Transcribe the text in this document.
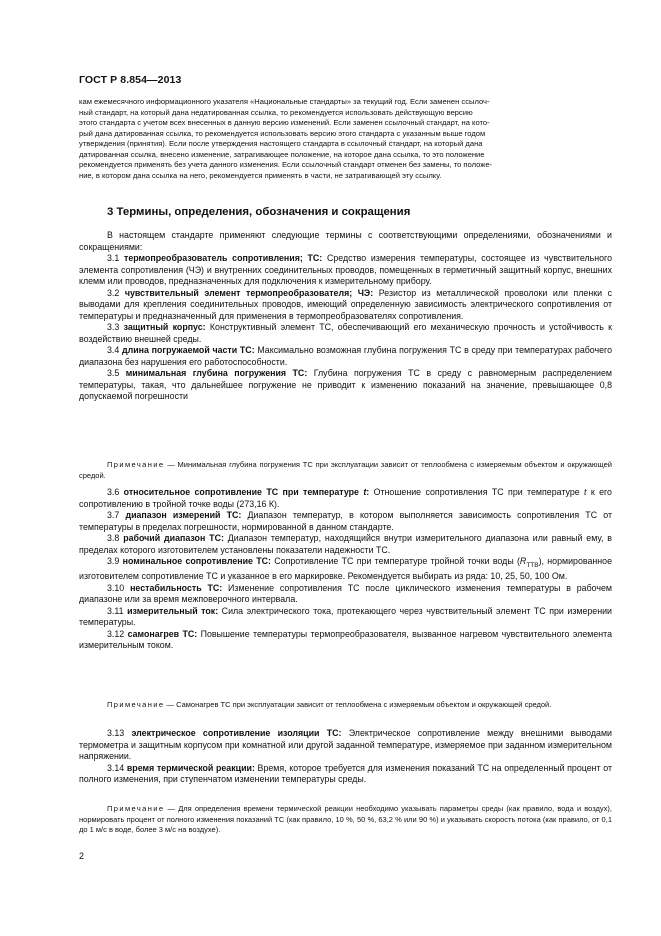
ГОСТ Р 8.854—2013

кам ежемесячного информационного указателя «Национальные стандарты» за текущий год. Если заменен ссылоч-

ный стандарт, на который дана недатированная ссылка, то рекомендуется использовать действующую версию

этого стандарта с учетом всех внесенных в данную версию изменений. Если заменен ссылочный стандарт, на кото-

рый дана датированная ссылка, то рекомендуется использовать версию этого стандарта с указанным выше годом

утверждения (принятия). Если после утверждения настоящего стандарта в ссылочный стандарт, на который дана

датированная ссылка, внесено изменение, затрагивающее положение, на которое дана ссылка, то это положение

рекомендуется применять без учета данного изменения. Если ссылочный стандарт отменен без замены, то положе-

ние, в котором дана ссылка на него, рекомендуется применять в части, не затрагивающей эту ссылку.

3 Термины, определения, обозначения и сокращения

В настоящем стандарте применяют следующие термины с соответствующими определениями, обозначениями и сокращениями:

3.1 термопреобразователь сопротивления; ТС: Средство измерения температуры, состоящее из чувствительного элемента сопротивления (ЧЭ) и внутренних соединительных проводов, помещенных в герметичный защитный корпус, внешних клемм или проводов, предназначенных для подключения к измерительному прибору.

3.2 чувствительный элемент термопреобразователя; ЧЭ: Резистор из металлической проволоки или пленки с выводами для крепления соединительных проводов, имеющий определенную зависимость электрического сопротивления от температуры и предназначенный для применения в термопреобразователях сопротивления.

3.3 защитный корпус: Конструктивный элемент ТС, обеспечивающий его механическую прочность и устойчивость к воздействию внешней среды.

3.4 длина погружаемой части ТС: Максимально возможная глубина погружения ТС в среду при температурах рабочего диапазона без нарушения его работоспособности.

3.5 минимальная глубина погружения ТС: Глубина погружения ТС в среду с равномерным распределением температуры, такая, что дальнейшее погружение не приводит к изменению показаний на значение, превышающее 0,8 допускаемой погрешности

Примечание — Минимальная глубина погружения ТС при эксплуатации зависит от теплообмена с измеряемым объектом и окружающей средой.

3.6 относительное сопротивление ТС при температуре t: Отношение сопротивления ТС при температуре t к его сопротивлению в тройной точке воды (273,16 К).

3.7 диапазон измерений ТС: Диапазон температур, в котором выполняется зависимость сопротивления ТС от температуры в пределах погрешности, нормированной в данном стандарте.

3.8 рабочий диапазон ТС: Диапазон температур, находящийся внутри измерительного диапазона или равный ему, в пределах которого изготовителем установлены показатели надежности ТС.

3.9 номинальное сопротивление ТС: Сопротивление ТС при температуре тройной точки воды $(R_{TTB})$, нормированное изготовителем сопротивление ТС и указанное в его маркировке. Рекомендуется выбирать из ряда: 10, 25, 50, 100 Ом.

3.10 нестабильность ТС: Изменение сопротивления ТС после циклического изменения температуры в рабочем диапазоне или за время межповерочного интервала.

3.11 измерительный ток: Сила электрического тока, протекающего через чувствительный элемент ТС при измерении температуры.

3.12 самонагрев ТС: Повышение температуры термопреобразователя, вызванное нагревом чувствительного элемента измерительным током.

Примечание — Самонагрев ТС при эксплуатации зависит от теплообмена с измеряемым объектом и окружающей средой.

3.13 электрическое сопротивление изоляции ТС: Электрическое сопротивление между внешними выводами термометра и защитным корпусом при комнатной или другой заданной температуре, измеряемое при заданном измерительном напряжении.

3.14 время термической реакции: Время, которое требуется для изменения показаний ТС на определенный процент от полного изменения, при ступенчатом изменении температуры среды.

Примечание — Для определения времени термической реакции необходимо указывать параметры среды (как правило, вода и воздух), нормировать процент от полного изменения показаний ТС (как правило, 10 %, 50 %, 63,2 % или 90 %) и указывать скорость потока (как правило, от 0,1 до 1 м/с в воде, более 3 м/с на воздухе).

2
